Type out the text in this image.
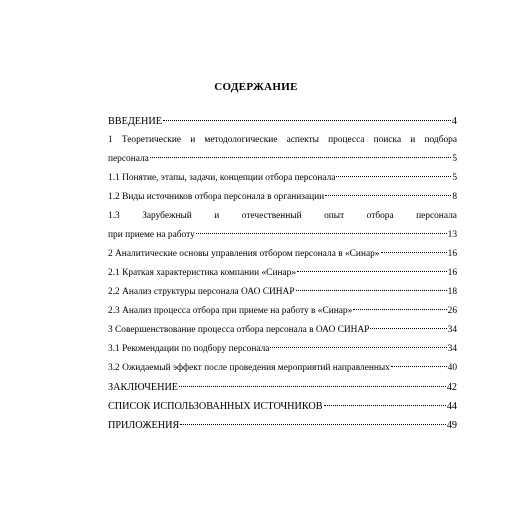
СОДЕРЖАНИЕ
ВВЕДЕНИЕ	4
1 Теоретические и методологические аспекты процесса поиска и подбора
персонала	5
1.1 Понятие, этапы, задачи, концепции отбора персонала	5
1.2 Виды источников отбора персонала в организации	8
1.3 Зарубежный и отечественный опыт отбора персонала
при приеме на работу	13
2 Аналитические основы управления отбором персонала в «Синар»	16
2.1 Краткая характеристика компании «Синар»	16
2.2 Анализ структуры персонала ОАО СИНАР	18
2.3 Анализ процесса отбора при приеме на работу в «Синар»	26
3 Совершенствование процесса отбора персонала в ОАО СИНАР	34
3.1 Рекомендации по подбору персонала	34
3.2 Ожидаемый эффект после проведения мероприятий направленных	40
ЗАКЛЮЧЕНИЕ	42
СПИСОК ИСПОЛЬЗОВАННЫХ ИСТОЧНИКОВ	44
ПРИЛОЖЕНИЯ	49
